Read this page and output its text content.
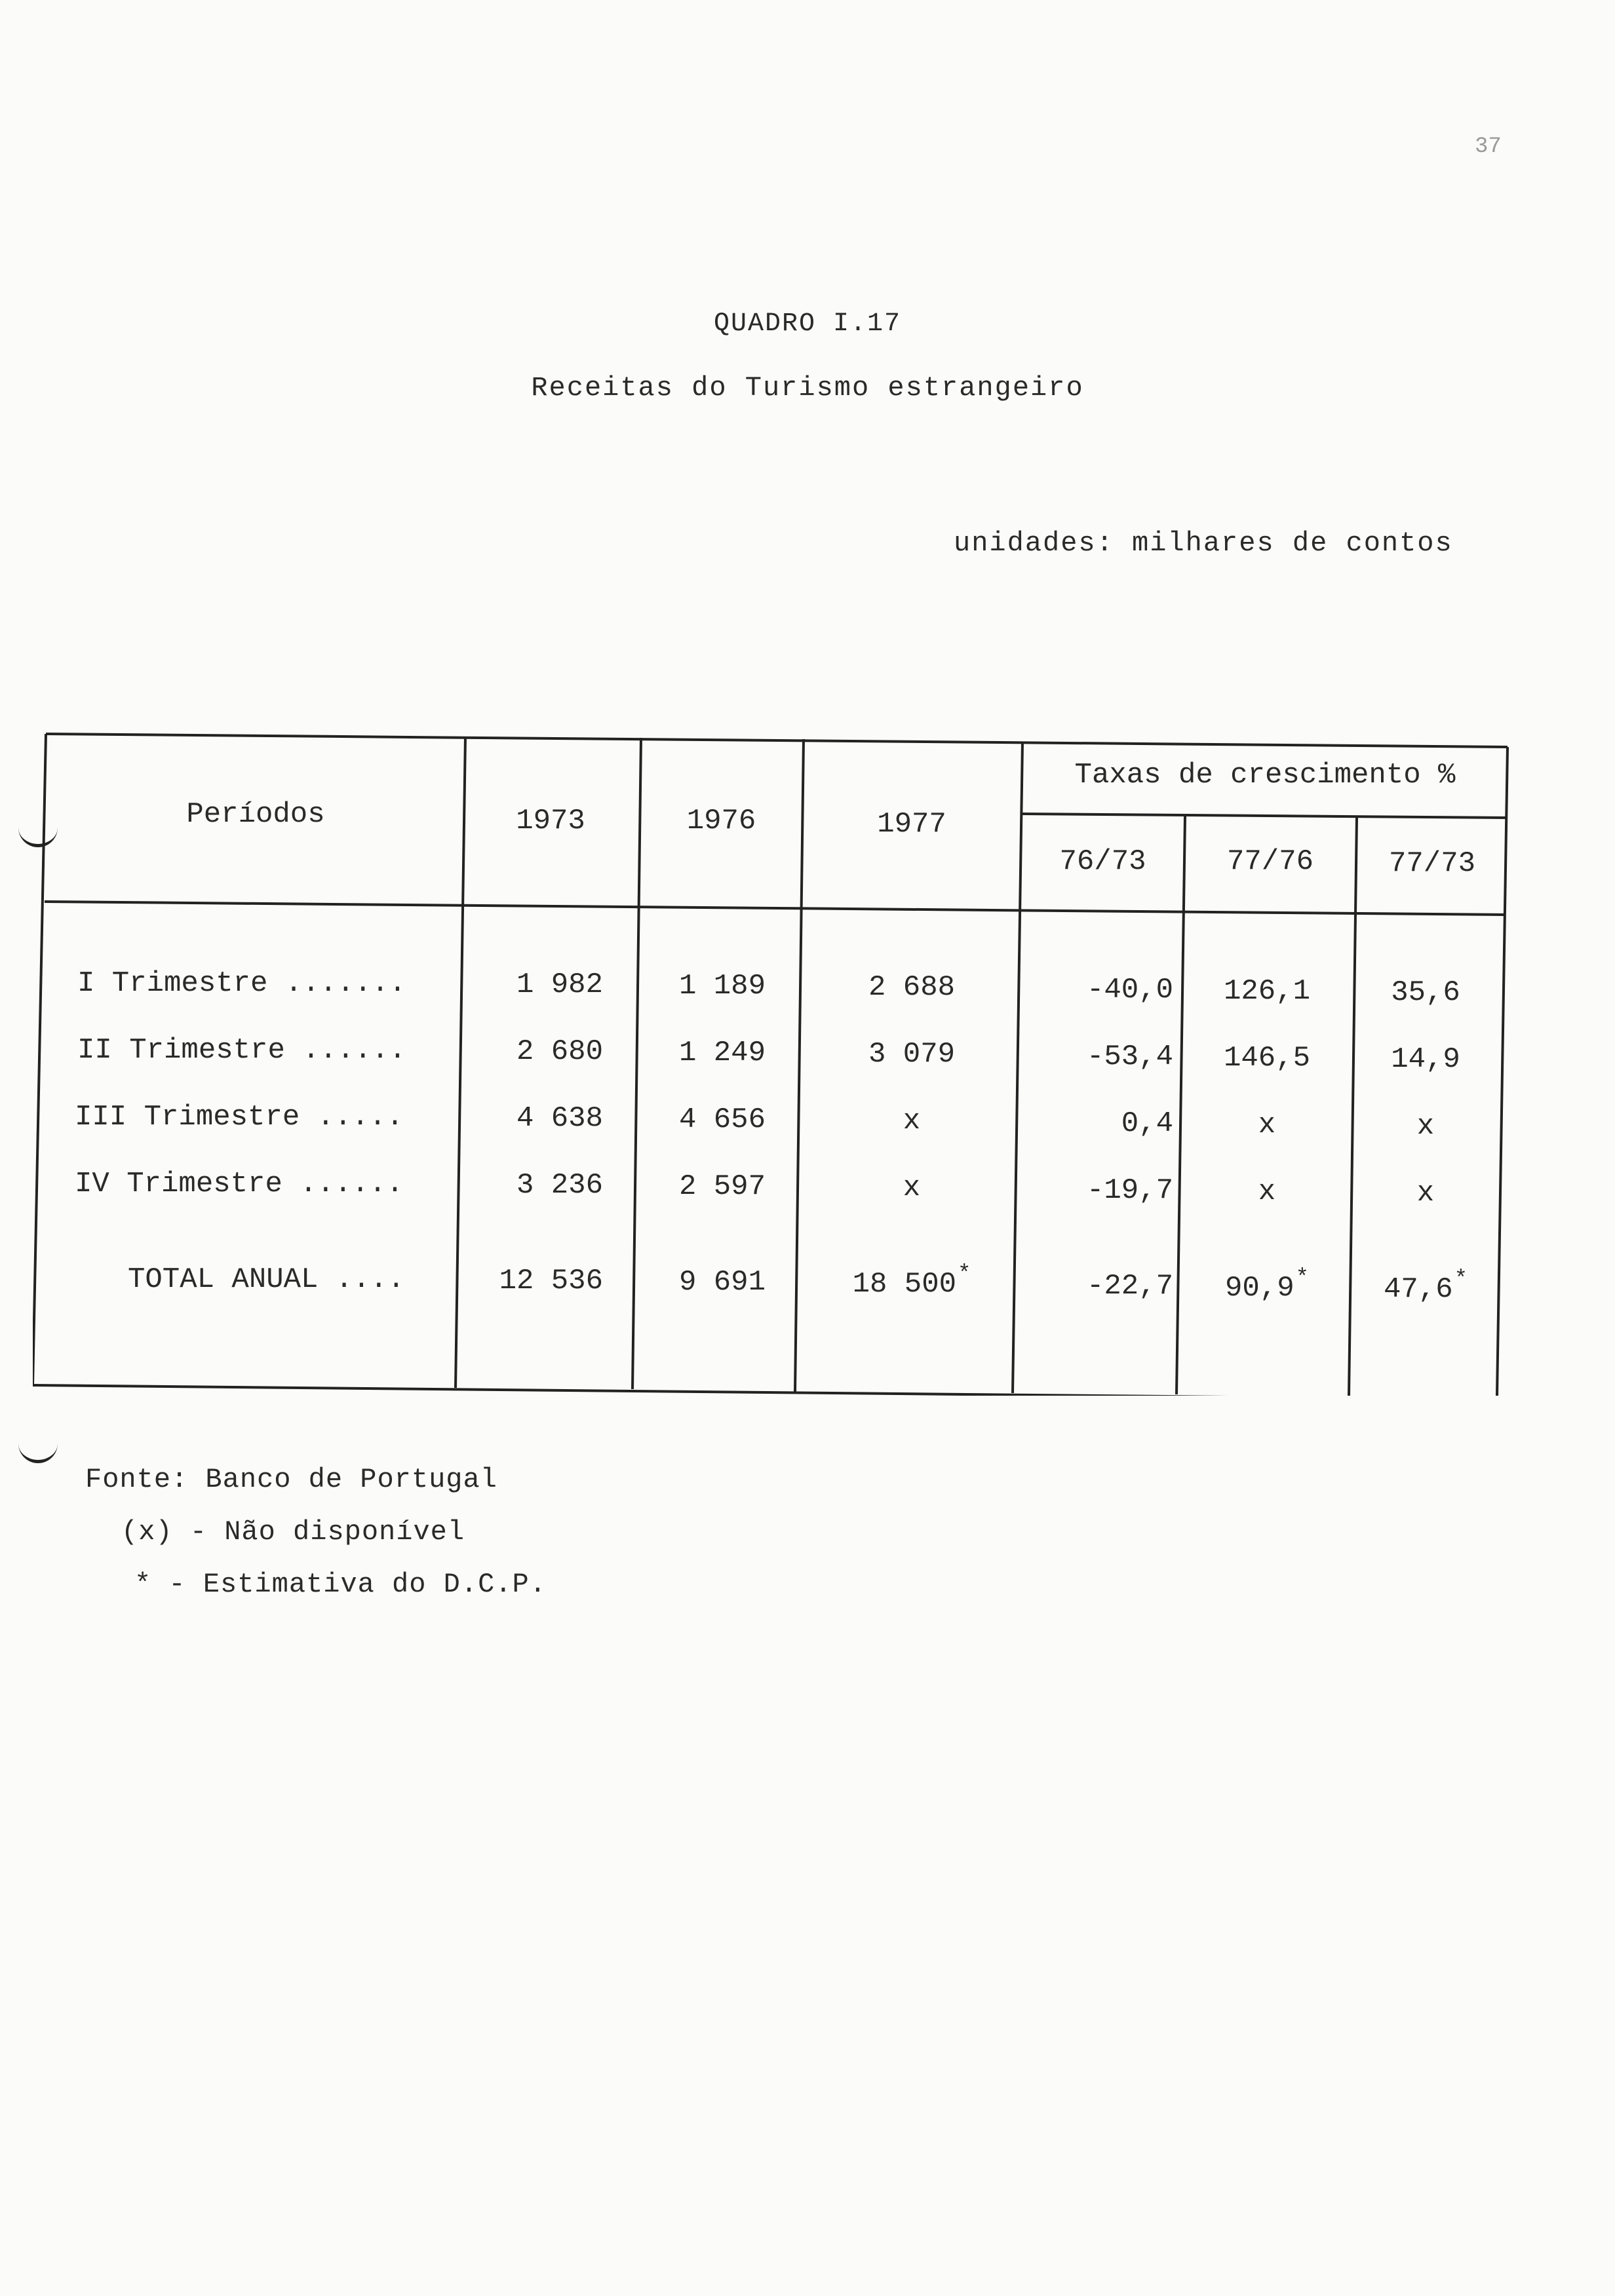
37
QUADRO I.17
Receitas do Turismo estrangeiro
unidades: milhares de contos
Períodos	1973	1976	1977
Taxas de crescimento %
76/73	77/76	77/73
I Trimestre .......	1 982	1 189	2 688	-40,0	126,1	35,6
II Trimestre ......	2 680	1 249	3 079	-53,4	146,5	14,9
III Trimestre .....	4 638	4 656	x	0,4	x	x
IV Trimestre ......	3 236	2 597	x	-19,7	x	x
TOTAL ANUAL ....	12 536	9 691	18 500*	-22,7	90,9*	47,6*
Fonte: Banco de Portugal
(x) - Não disponível
* - Estimativa do D.C.P.
